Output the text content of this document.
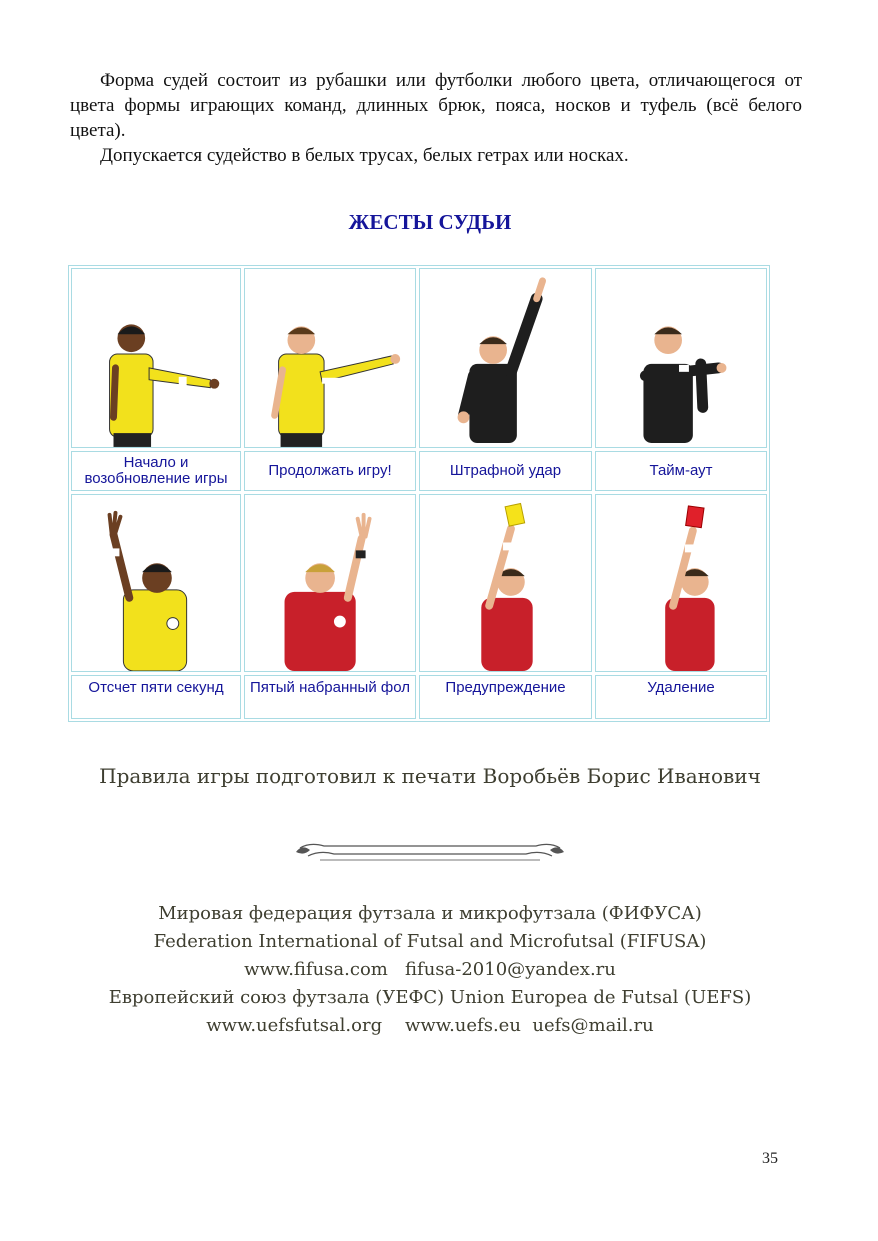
Форма судей состоит из рубашки или футболки любого цвета, отличающегося от цвета формы играющих команд, длинных брюк, пояса, носков и туфель (всё белого цвета).

Допускается судейство в белых трусах, белых гетрах или носках.

ЖЕСТЫ СУДЬИ
Начало и возобновление игры	Продолжать игру!	Штрафной удар	Тайм-аут
Отсчет пяти секунд	Пятый набранный фол	Предупреждение	Удаление
Правила игры подготовил к печати Воробьёв Борис Иванович
Мировая федерация футзала и микрофутзала (ФИФУСА)
Federation International of Futsal and Microfutsal (FIFUSA)
www.fifusa.com   fifusa-2010@yandex.ru
Европейский союз футзала (УЕФС) Union Europea de Futsal (UEFS)
www.uefsfutsal.org    www.uefs.eu  uefs@mail.ru
35
